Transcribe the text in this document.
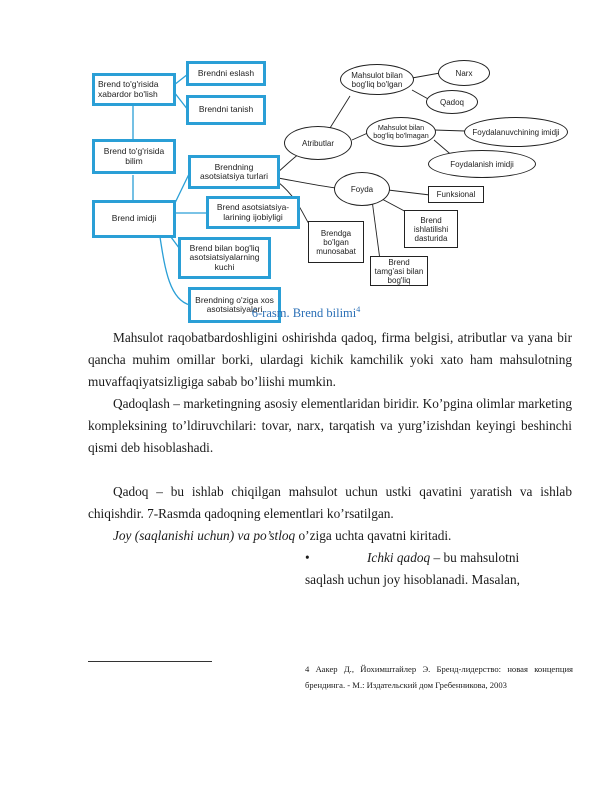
Brend to'g'risida xabardor bo'lish
Brend to'g'risida bilim
Brend imidji
Brendni eslash
Brendni tanish
Brendning asotsiatsiya turlari
Brend asotsiatsiya-larining ijobiyligi
Brend bilan bog'liq asotsiatsiyalarning kuchi
Brendning o'ziga xos asotsiatsiyalari
Atributlar
Narx
Qadoq
Foydalanuvchining imidji
Foydalanish imidji
Foyda
Mahsulot bilan bog'liq bo'lgan
Mahsulot bilan bog'liq bo'lmagan
Funksional
Brend ishlatilishi dasturida
Brendga bo'lgan munosabat
Brend tamg'asi bilan bog'liq
6-rasm. Brend bilimi$^4$

Mahsulot raqobatbardoshligini oshirishda qadoq, firma belgisi, atributlar va yana bir qancha muhim omillar borki, ulardagi kichik kamchilik yoki xato ham mahsulotning muvaffaqiyatsizligiga sabab bo’liishi mumkin.

Qadoqlash – marketingning asosiy elementlaridan biridir. Ko’pgina olimlar marketing kompleksining to’ldiruvchilari: tovar, narx, tarqatish va yurg’izishdan keyingi beshinchi qismi deb hisoblashadi.

Qadoq – bu ishlab chiqilgan mahsulot uchun ustki qavatini yaratish va ishlab chiqishdir. 7-Rasmda qadoqning elementlari ko’rsatilgan.

Joy (saqlanishi uchun) va po’stloq o’ziga uchta qavatni kiritadi.

•	Ichki qadoq – bu mahsulotni
saqlash uchun joy hisoblanadi. Masalan,
4 Аакер Д., Йохимштайлер Э. Бренд-лидерство: новая концепция брендинга. - М.: Издательский дом Гребенникова, 2003
